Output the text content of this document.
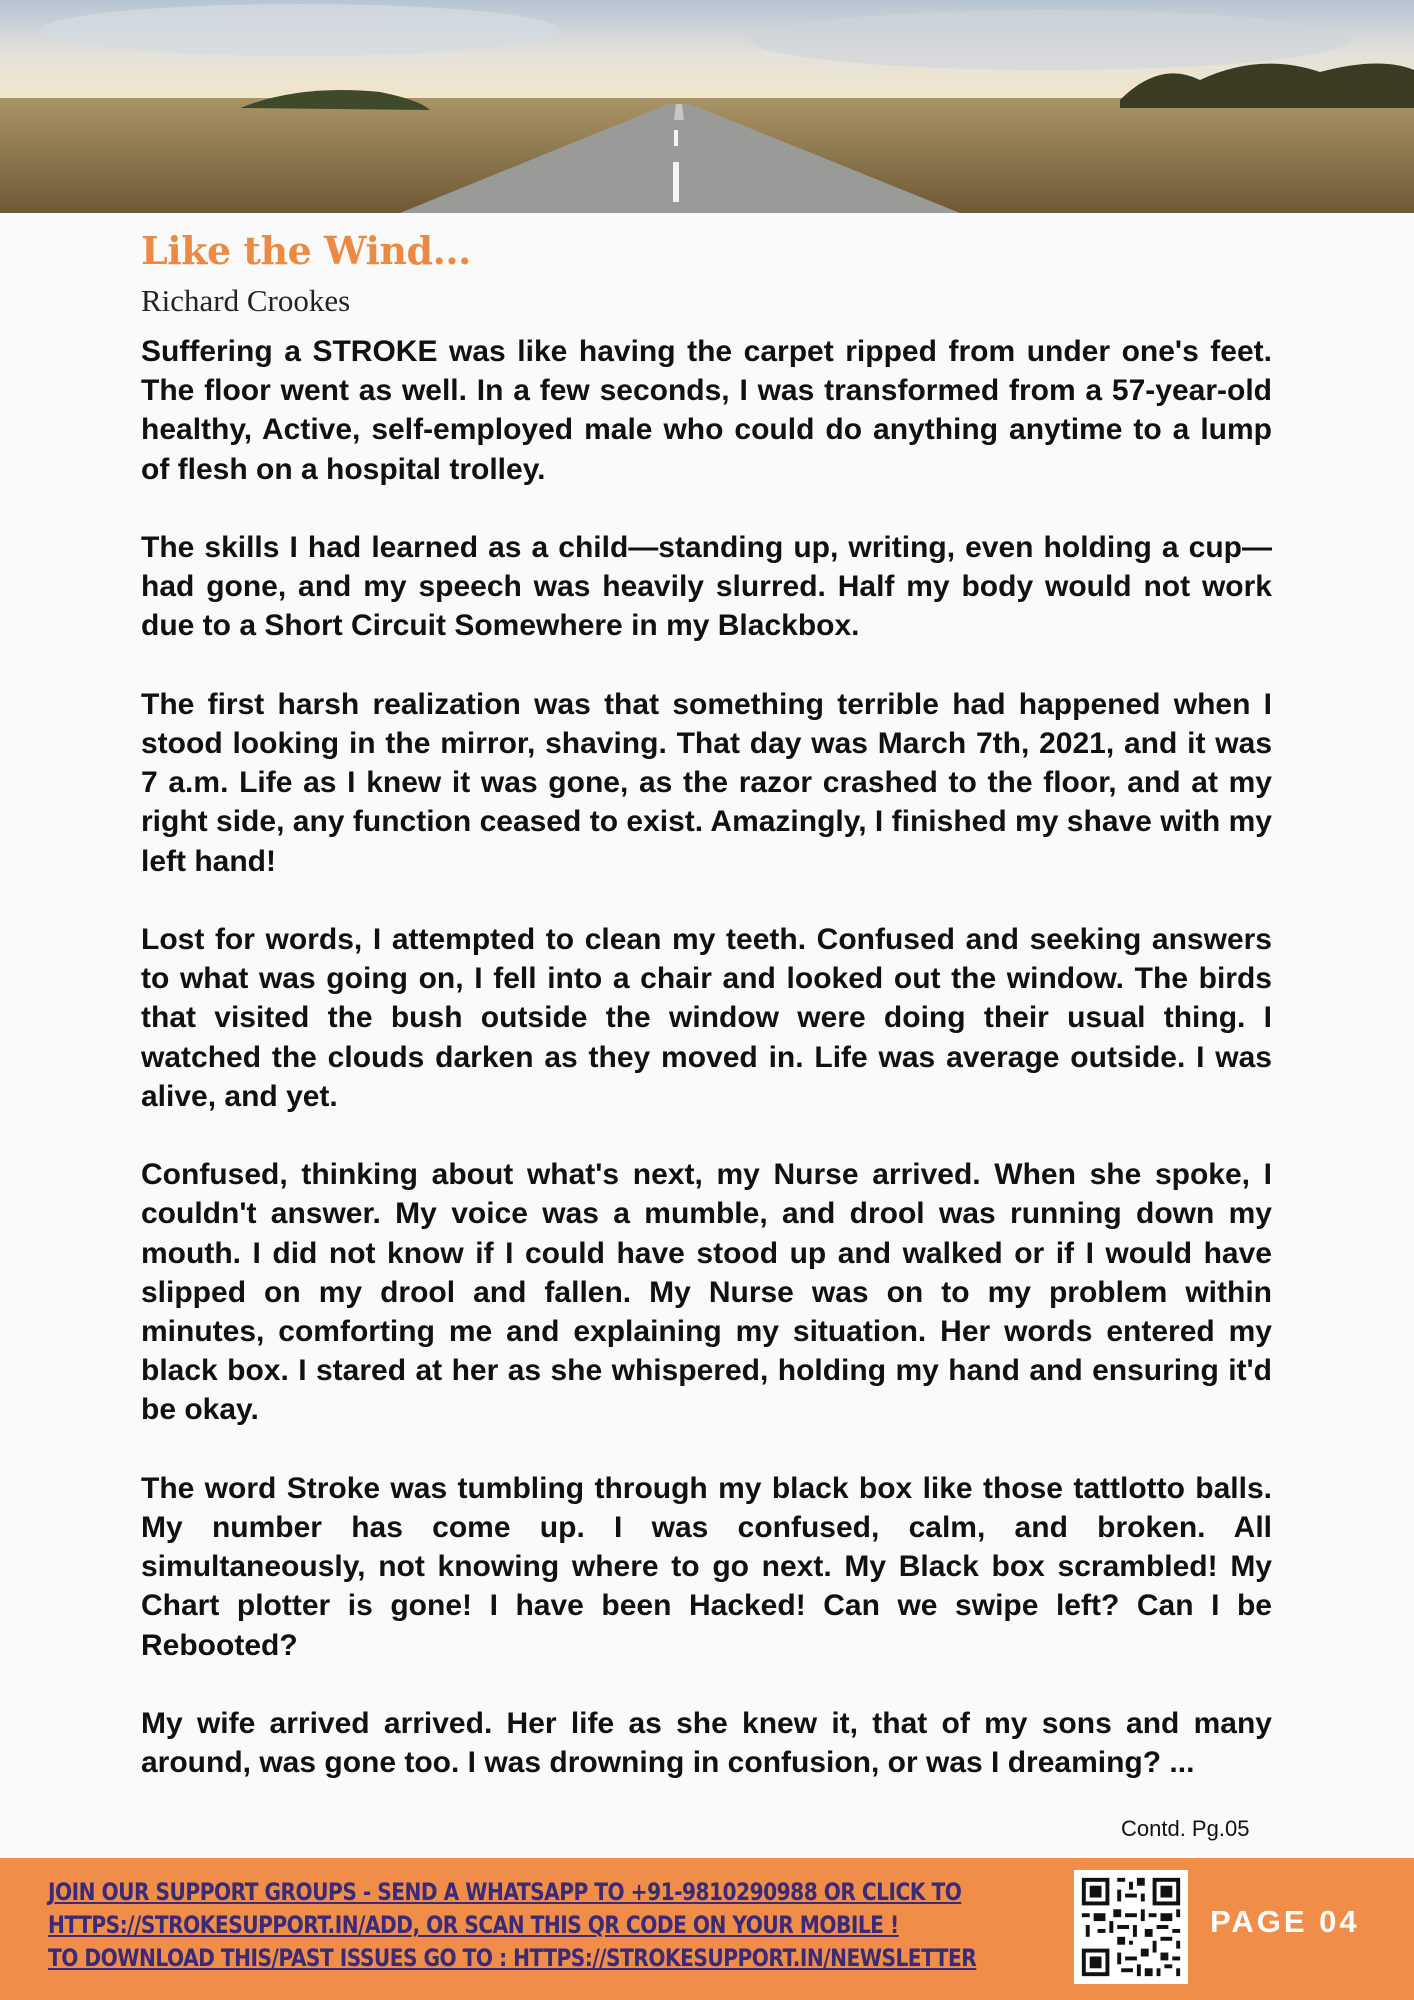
Like the Wind...

Richard Crookes

Suffering a STROKE was like having the carpet ripped from under one's feet. The floor went as well. In a few seconds, I was transformed from a 57-year-old healthy, Active, self-employed male who could do anything anytime to a lump of flesh on a hospital trolley.

The skills I had learned as a child—standing up, writing, even holding a cup—had gone, and my speech was heavily slurred. Half my body would not work due to a Short Circuit Somewhere in my Blackbox.

The first harsh realization was that something terrible had happened when I stood looking in the mirror, shaving. That day was March 7th, 2021, and it was 7 a.m. Life as I knew it was gone, as the razor crashed to the floor, and at my right side, any function ceased to exist. Amazingly, I finished my shave with my left hand!

Lost for words, I attempted to clean my teeth. Confused and seeking answers to what was going on, I fell into a chair and looked out the window. The birds that visited the bush outside the window were doing their usual thing. I watched the clouds darken as they moved in. Life was average outside. I was alive, and yet.

Confused, thinking about what's next, my Nurse arrived. When she spoke, I couldn't answer. My voice was a mumble, and drool was running down my mouth. I did not know if I could have stood up and walked or if I would have slipped on my drool and fallen. My Nurse was on to my problem within minutes, comforting me and explaining my situation. Her words entered my black box. I stared at her as she whispered, holding my hand and ensuring it'd be okay.

The word Stroke was tumbling through my black box like those tattlotto balls. My number has come up. I was confused, calm, and broken. All simultaneously, not knowing where to go next. My Black box scrambled! My Chart plotter is gone! I have been Hacked! Can we swipe left? Can I be Rebooted?

My wife arrived arrived. Her life as she knew it, that of my sons and many around, was gone too. I was drowning in confusion, or was I dreaming? ...

Contd. Pg.05
JOIN OUR SUPPORT GROUPS - SEND A WHATSAPP TO +91-9810290988 OR CLICK TO
HTTPS://STROKESUPPORT.IN/ADD, OR SCAN THIS QR CODE ON YOUR MOBILE !
TO DOWNLOAD THIS/PAST ISSUES GO TO : HTTPS://STROKESUPPORT.IN/NEWSLETTER
PAGE 04
